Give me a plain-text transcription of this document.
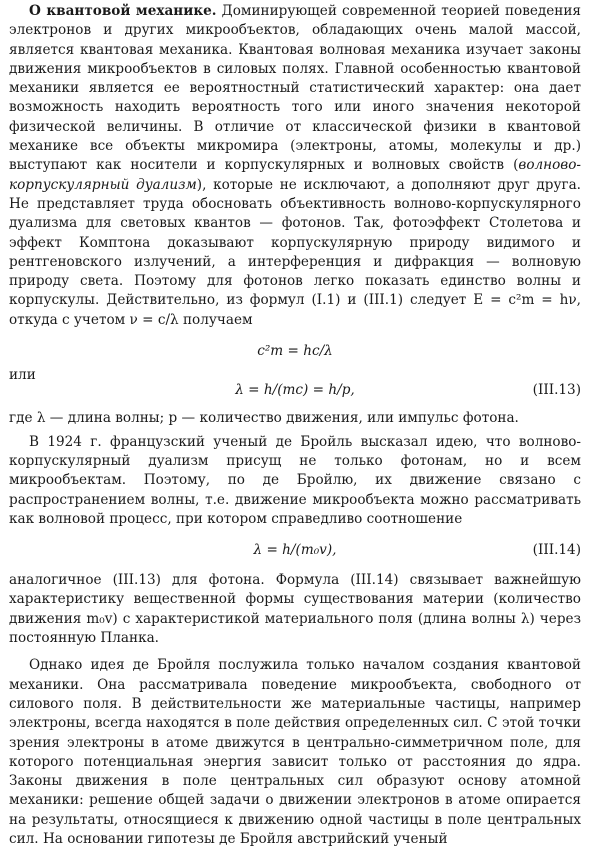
О квантовой механике. Доминирующей современной теорией поведения электронов и других микрообъектов, обладающих очень малой массой, является квантовая механика. Квантовая волновая механика изучает законы движения микрообъектов в силовых полях. Главной особенностью квантовой механики является ее вероятностный статистический характер: она дает возможность находить вероятность того или иного значения некоторой физической величины. В отличие от классической физики в квантовой механике все объекты микромира (электроны, атомы, молекулы и др.) выступают как носители и корпускулярных и волновых свойств (волново-корпускулярный дуализм), которые не исключают, а дополняют друг друга. Не представляет труда обосновать объективность волново-корпускулярного дуализма для световых квантов — фотонов. Так, фотоэффект Столетова и эффект Комптона доказывают корпускулярную природу видимого и рентгеновского излучений, а интерференция и дифракция — волновую природу света. Поэтому для фотонов легко показать единство волны и корпускулы. Действительно, из формул (I.1) и (III.1) следует E = c²m = hν, откуда с учетом ν = c/λ получаем

c²m = hc/λ

или

λ = h/(mc) = h/p,	(III.13)

где λ — длина волны; p — количество движения, или импульс фотона.

В 1924 г. французский ученый де Бройль высказал идею, что волново-корпускулярный дуализм присущ не только фотонам, но и всем микрообъектам. Поэтому, по де Бройлю, их движение связано с распространением волны, т.е. движение микрообъекта можно рассматривать как волновой процесс, при котором справедливо соотношение

λ = h/(m₀v),	(III.14)

аналогичное (III.13) для фотона. Формула (III.14) связывает важнейшую характеристику вещественной формы существования материи (количество движения m₀v) с характеристикой материального поля (длина волны λ) через постоянную Планка.

Однако идея де Бройля послужила только началом создания квантовой механики. Она рассматривала поведение микрообъекта, свободного от силового поля. В действительности же материальные частицы, например электроны, всегда находятся в поле действия определенных сил. С этой точки зрения электроны в атоме движутся в центрально-симметричном поле, для которого потенциальная энергия зависит только от расстояния до ядра. Законы движения в поле центральных сил образуют основу атомной механики: решение общей задачи о движении электронов в атоме опирается на результаты, относящиеся к движению одной частицы в поле центральных сил. На основании гипотезы де Бройля австрийский ученый
